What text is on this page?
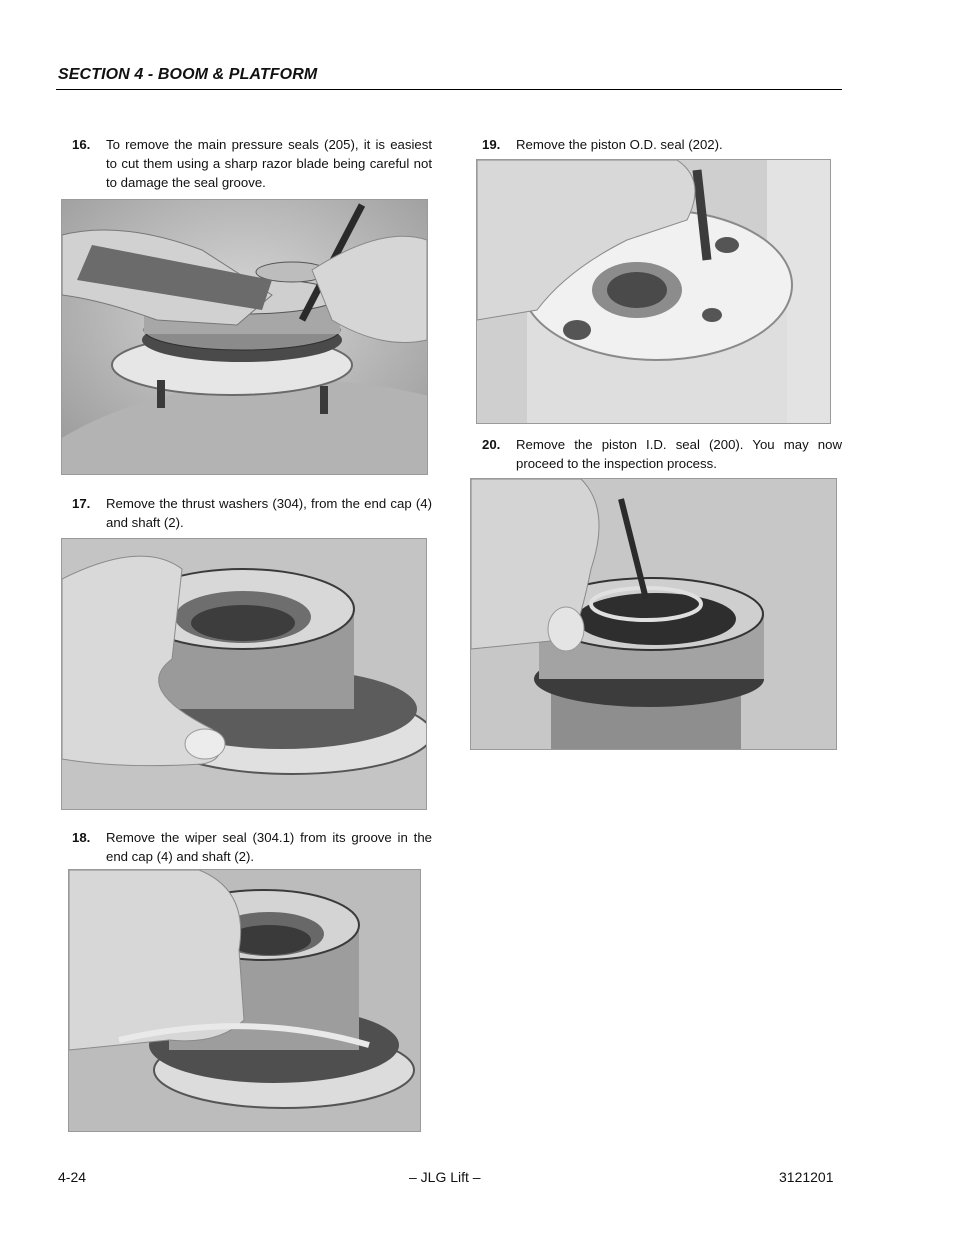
SECTION 4 - BOOM & PLATFORM
16. To remove the main pressure seals (205), it is easiest to cut them using a sharp razor blade being careful not to damage the seal groove.
17. Remove the thrust washers (304), from the end cap (4) and shaft (2).
18. Remove the wiper seal (304.1) from its groove in the end cap (4) and shaft (2).
19. Remove the piston O.D. seal (202).
20. Remove the piston I.D. seal (200). You may now proceed to the inspection process.
4-24	– JLG Lift –	3121201
